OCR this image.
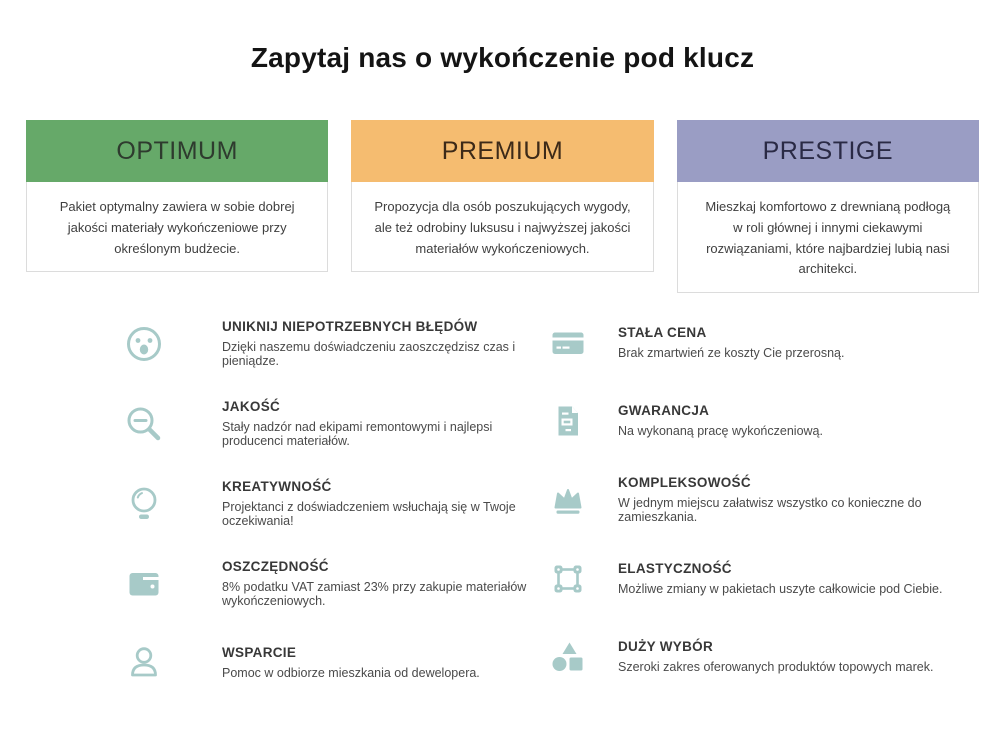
Zapytaj nas o wykończenie pod klucz
OPTIMUM
Pakiet optymalny zawiera w sobie dobrej jakości materiały wykończeniowe przy określonym budżecie.
PREMIUM
Propozycja dla osób poszukujących wygody, ale też odrobiny luksusu i najwyższej jakości materiałów wykończeniowych.
PRESTIGE
Mieszkaj komfortowo z drewnianą podłogą w roli głównej i innymi ciekawymi rozwiązaniami, które najbardziej lubią nasi architekci.
UNIKNIJ NIEPOTRZEBNYCH BŁĘDÓW
Dzięki naszemu doświadczeniu zaoszczędzisz czas i pieniądze.
JAKOŚĆ
Stały nadzór nad ekipami remontowymi i najlepsi producenci materiałów.
KREATYWNOŚĆ
Projektanci z doświadczeniem wsłuchają się w Twoje oczekiwania!
OSZCZĘDNOŚĆ
8% podatku VAT zamiast 23% przy zakupie materiałów wykończeniowych.
WSPARCIE
Pomoc w odbiorze mieszkania od dewelopera.
STAŁA CENA
Brak zmartwień ze koszty Cie przerosną.
GWARANCJA
Na wykonaną pracę wykończeniową.
KOMPLEKSOWOŚĆ
W jednym miejscu załatwisz wszystko co konieczne do zamieszkania.
ELASTYCZNOŚĆ
Możliwe zmiany w pakietach uszyte całkowicie pod Ciebie.
DUŻY WYBÓR
Szeroki zakres oferowanych produktów topowych marek.
